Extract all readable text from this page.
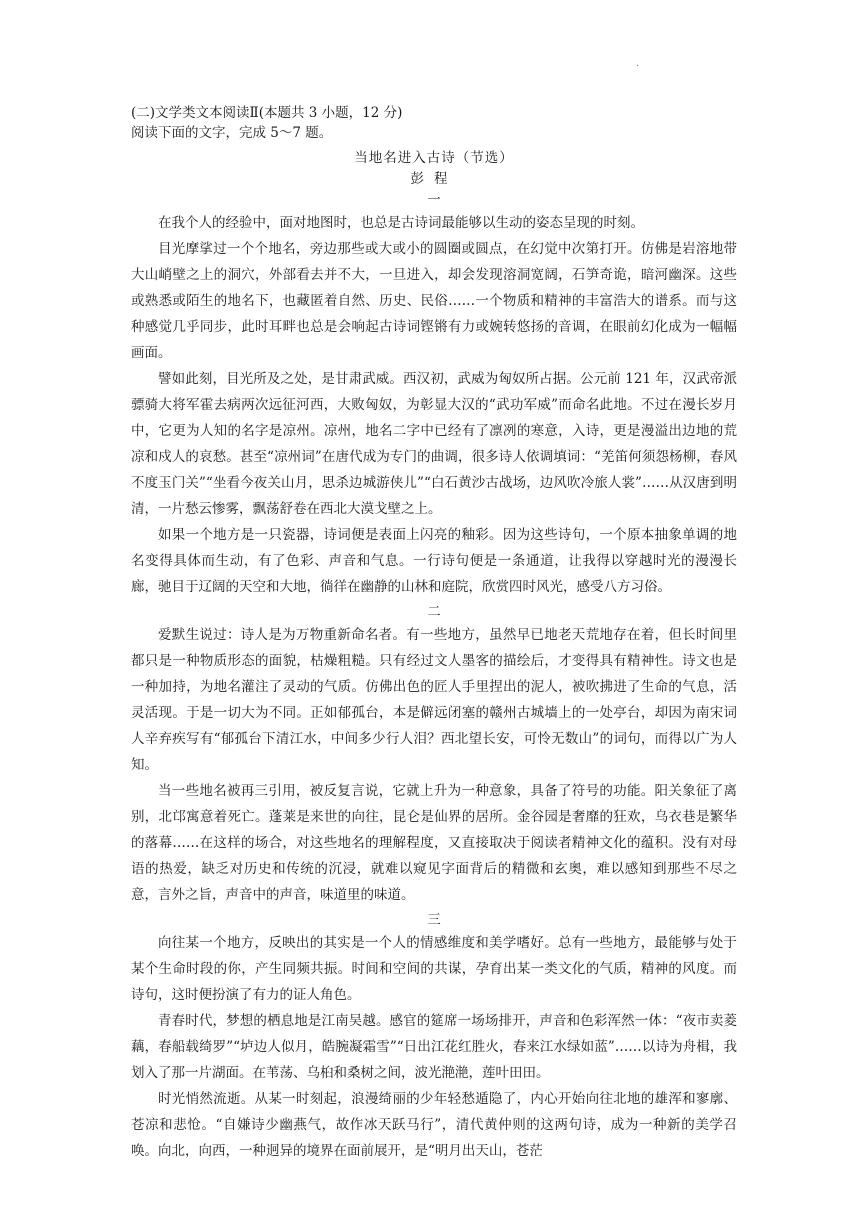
·
(二)文学类文本阅读Ⅱ(本题共 3 小题，12 分)
阅读下面的文字，完成 5～7 题。
当地名进入古诗（节选）
彭程
一

在我个人的经验中，面对地图时，也总是古诗词最能够以生动的姿态呈现的时刻。

目光摩挲过一个个地名，旁边那些或大或小的圆圈或圆点，在幻觉中次第打开。仿佛是岩溶地带大山峭壁之上的洞穴，外部看去并不大，一旦进入，却会发现溶洞宽阔，石笋奇诡，暗河幽深。这些或熟悉或陌生的地名下，也藏匿着自然、历史、民俗……一个物质和精神的丰富浩大的谱系。而与这种感觉几乎同步，此时耳畔也总是会响起古诗词铿锵有力或婉转悠扬的音调，在眼前幻化成为一幅幅画面。

譬如此刻，目光所及之处，是甘肃武威。西汉初，武威为匈奴所占据。公元前 121 年，汉武帝派骠骑大将军霍去病两次远征河西，大败匈奴，为彰显大汉的“武功军威”而命名此地。不过在漫长岁月中，它更为人知的名字是凉州。凉州，地名二字中已经有了凛冽的寒意，入诗，更是漫溢出边地的荒凉和戍人的哀愁。甚至“凉州词”在唐代成为专门的曲调，很多诗人依调填词：“羌笛何须怨杨柳，春风不度玉门关”“坐看今夜关山月，思杀边城游侠儿”“白石黄沙古战场，边风吹冷旅人裳”……从汉唐到明清，一片愁云惨雾，飘荡舒卷在西北大漠戈壁之上。

如果一个地方是一只瓷器，诗词便是表面上闪亮的釉彩。因为这些诗句，一个原本抽象单调的地名变得具体而生动，有了色彩、声音和气息。一行诗句便是一条通道，让我得以穿越时光的漫漫长廊，驰目于辽阔的天空和大地，徜徉在幽静的山林和庭院，欣赏四时风光，感受八方习俗。

二

爱默生说过：诗人是为万物重新命名者。有一些地方，虽然早已地老天荒地存在着，但长时间里都只是一种物质形态的面貌，枯燥粗糙。只有经过文人墨客的描绘后，才变得具有精神性。诗文也是一种加持，为地名灌注了灵动的气质。仿佛出色的匠人手里捏出的泥人，被吹拂进了生命的气息，活灵活现。于是一切大为不同。正如郁孤台，本是僻远闭塞的赣州古城墙上的一处亭台，却因为南宋词人辛弃疾写有“郁孤台下清江水，中间多少行人泪？西北望长安，可怜无数山”的词句，而得以广为人知。

当一些地名被再三引用，被反复言说，它就上升为一种意象，具备了符号的功能。阳关象征了离别，北邙寓意着死亡。蓬莱是来世的向往，昆仑是仙界的居所。金谷园是奢靡的狂欢，乌衣巷是繁华的落幕……在这样的场合，对这些地名的理解程度，又直接取决于阅读者精神文化的蕴积。没有对母语的热爱，缺乏对历史和传统的沉浸，就难以窥见字面背后的精微和玄奥，难以感知到那些不尽之意，言外之旨，声音中的声音，味道里的味道。

三

向往某一个地方，反映出的其实是一个人的情感维度和美学嗜好。总有一些地方，最能够与处于某个生命时段的你，产生同频共振。时间和空间的共谋，孕育出某一类文化的气质，精神的风度。而诗句，这时便扮演了有力的证人角色。

青春时代，梦想的栖息地是江南吴越。感官的筵席一场场排开，声音和色彩浑然一体：“夜市卖菱藕，春船载绮罗”“垆边人似月，皓腕凝霜雪”“日出江花红胜火，春来江水绿如蓝”……以诗为舟楫，我划入了那一片湖面。在苇荡、乌桕和桑树之间，波光滟滟，莲叶田田。

时光悄然流逝。从某一时刻起，浪漫绮丽的少年轻愁遁隐了，内心开始向往北地的雄浑和寥廓、苍凉和悲怆。“自嫌诗少幽燕气，故作冰天跃马行”，清代黄仲则的这两句诗，成为一种新的美学召唤。向北，向西，一种迥异的境界在面前展开，是“明月出天山，苍茫
